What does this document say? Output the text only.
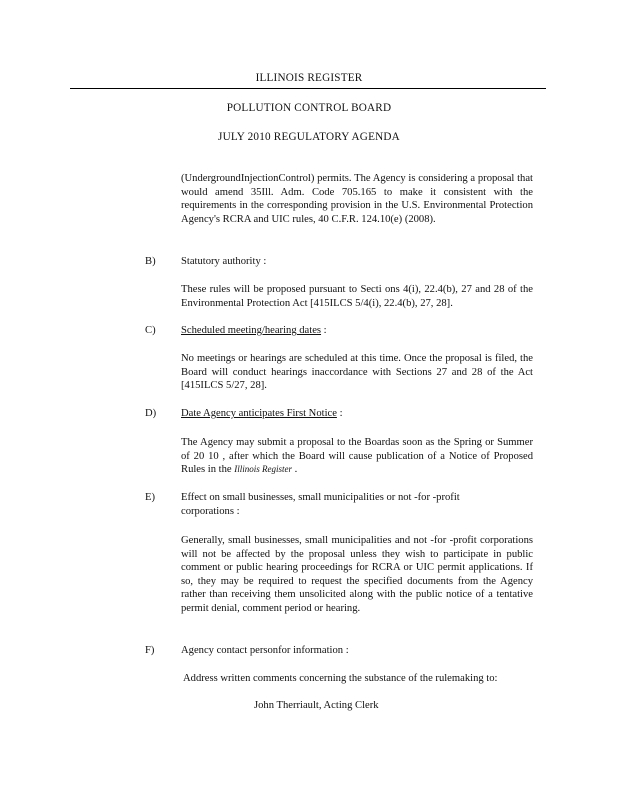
ILLINOIS REGISTER
POLLUTION CONTROL BOARD
JULY 2010 REGULATORY AGENDA
(UndergroundInjectionControl) permits. The Agency is considering a proposal that would amend 35Ill. Adm. Code 705.165 to make it consistent with the requirements in the corresponding provision in the U.S. Environmental Protection Agency's RCRA and UIC rules, 40 C.F.R. 124.10(e) (2008).
B) Statutory authority :
These rules will be proposed pursuant to Secti ons 4(i), 22.4(b), 27 and 28 of the Environmental Protection Act [415ILCS 5/4(i), 22.4(b), 27, 28].
C) Scheduled meeting/hearing dates :
No meetings or hearings are scheduled at this time. Once the proposal is filed, the Board will conduct hearings inaccordance with Sections 27 and 28 of the Act [415ILCS 5/27, 28].
D) Date Agency anticipates First Notice :
The Agency may submit a proposal to the Boardas soon as the Spring or Summer of 20 10 , after which the Board will cause publication of a Notice of Proposed Rules in the Illinois Register .
E) Effect on small businesses, small municipalities or not -for -profit
corporations :
Generally, small businesses, small municipalities and not -for -profit corporations will not be affected by the proposal unless they wish to participate in public comment or public hearing proceedings for RCRA or UIC permit applications. If so, they may be required to request the specified documents from the Agency rather than receiving them unsolicited along with the public notice of a tentative permit denial, comment period or hearing.
F)	Agency contact personfor information :
Address written comments concerning the substance of the rulemaking to:
John Therriault, Acting Clerk
